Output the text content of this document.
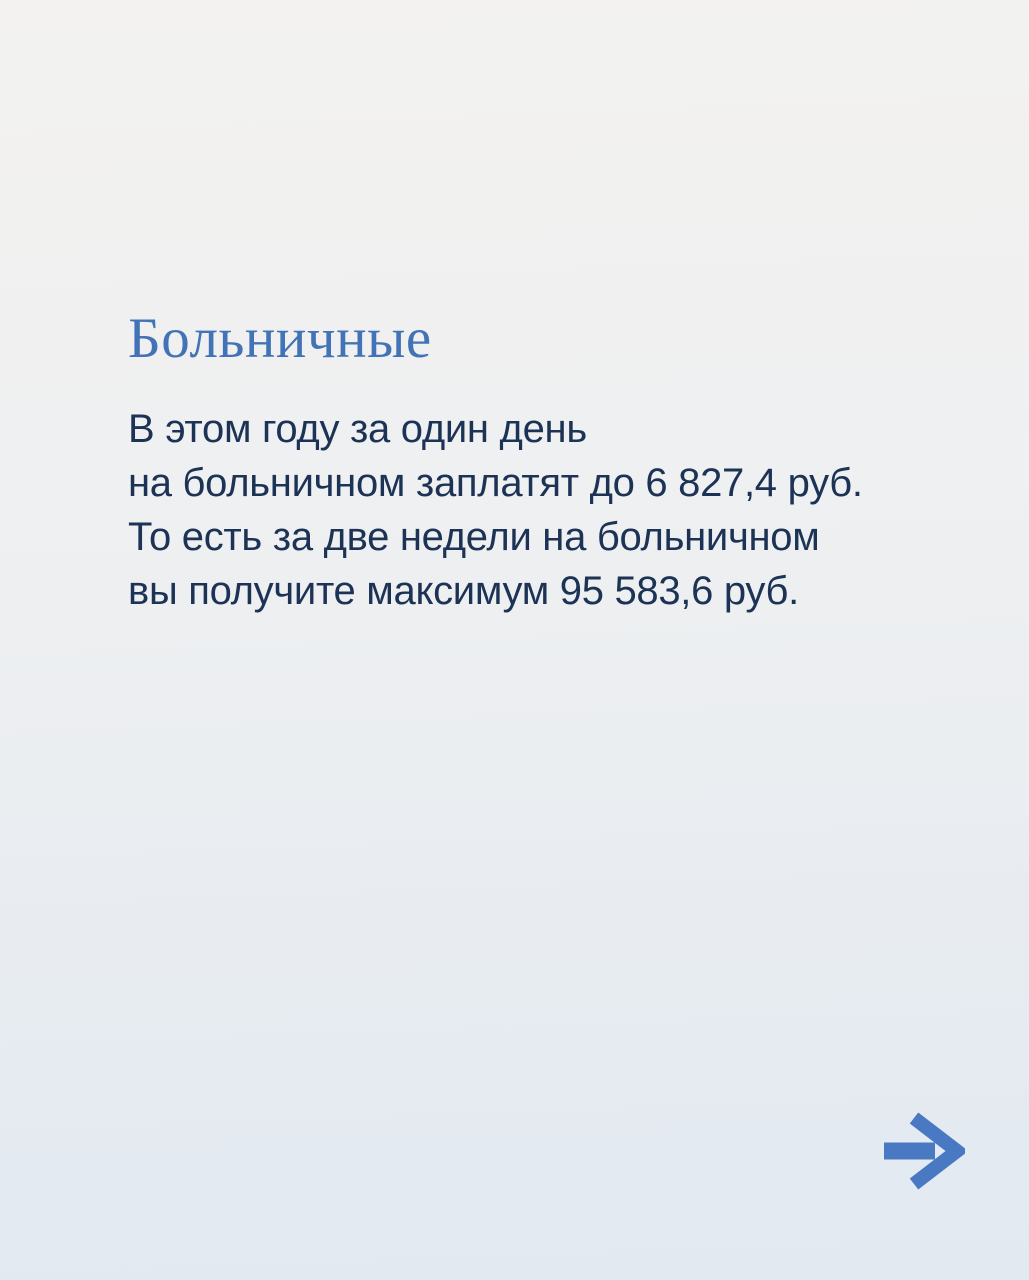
Больничные
В этом году за один день
на больничном заплатят до 6 827,4 руб.
То есть за две недели на больничном
вы получите максимум 95 583,6 руб.
